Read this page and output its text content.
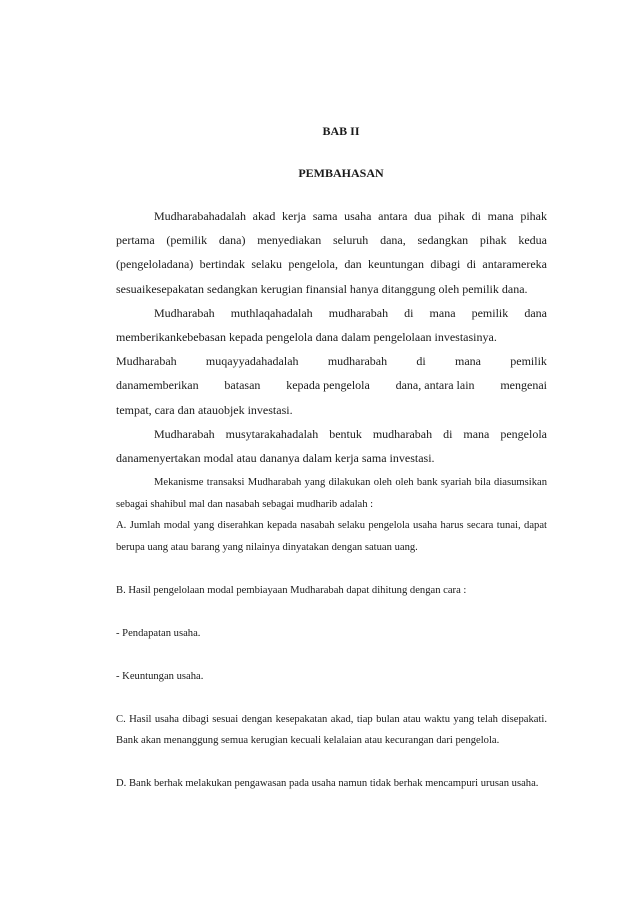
BAB II
PEMBAHASAN

Mudharabahadalah akad kerja sama usaha antara dua pihak di mana pihak pertama (pemilik dana) menyediakan seluruh dana, sedangkan pihak kedua (pengeloladana) bertindak selaku pengelola, dan keuntungan dibagi di antaramereka sesuaikesepakatan sedangkan kerugian finansial hanya ditanggung oleh pemilik dana.

Mudharabah muthlaqahadalah mudharabah di mana pemilik dana memberikankebebasan kepada pengelola dana dalam pengelolaan investasinya.

Mudharabah muqayyadahadalah mudharabah di mana pemilik
danamemberikan batasan kepada pengelola dana, antara lain mengenai

tempat, cara dan atauobjek investasi.

Mudharabah musytarakahadalah bentuk mudharabah di mana pengelola danamenyertakan modal atau dananya dalam kerja sama investasi.

Mekanisme transaksi Mudharabah yang dilakukan oleh oleh bank syariah bila diasumsikan sebagai shahibul mal dan nasabah sebagai mudharib adalah :

A. Jumlah modal yang diserahkan kepada nasabah selaku pengelola usaha harus secara tunai, dapat berupa uang atau barang yang nilainya dinyatakan dengan satuan uang.

B. Hasil pengelolaan modal pembiayaan Mudharabah dapat dihitung dengan cara :

- Pendapatan usaha.

- Keuntungan usaha.

C. Hasil usaha dibagi sesuai dengan kesepakatan akad, tiap bulan atau waktu yang telah disepakati. Bank akan menanggung semua kerugian kecuali kelalaian atau kecurangan dari pengelola.

D. Bank berhak melakukan pengawasan pada usaha namun tidak berhak mencampuri urusan usaha.
